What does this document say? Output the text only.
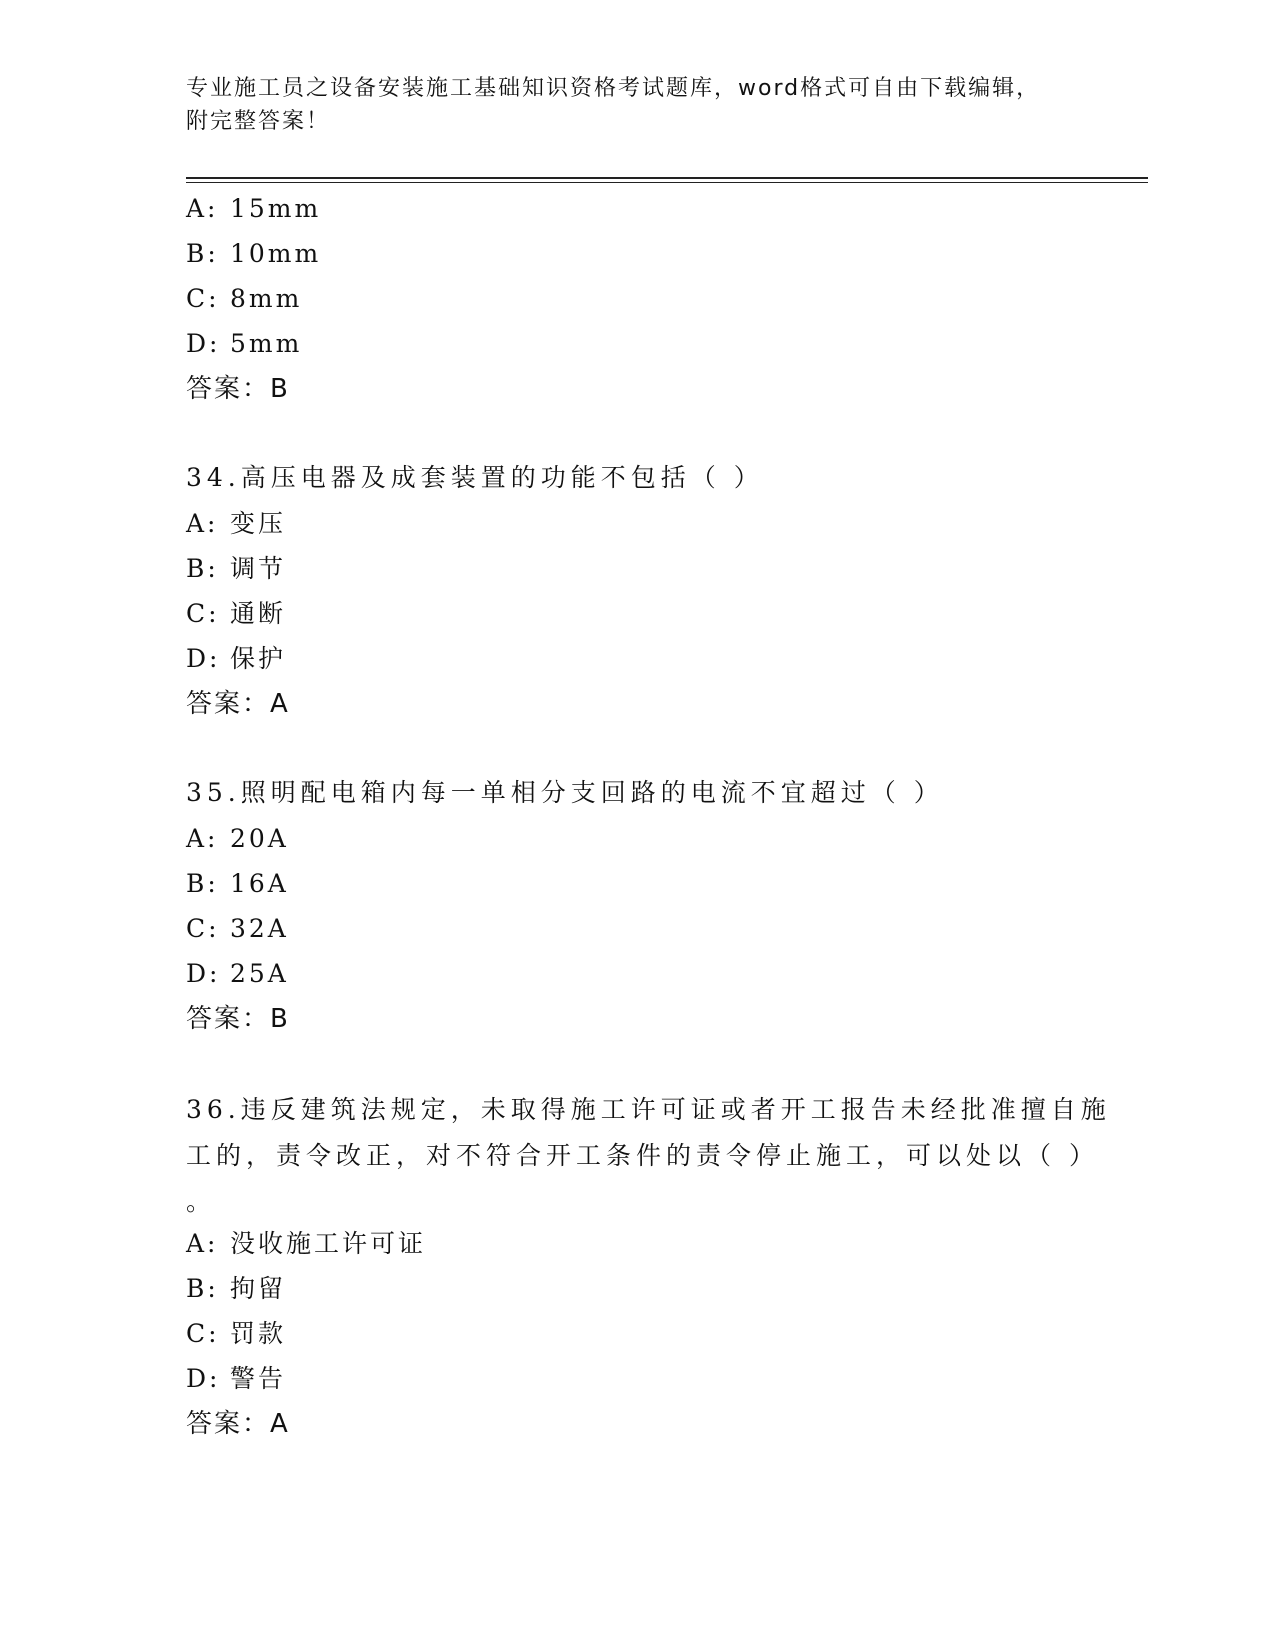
专业施工员之设备安装施工基础知识资格考试题库，word格式可自由下载编辑，
附完整答案！
A: 15mm
B: 10mm
C: 8mm
D: 5mm
答案：B
34.高压电器及成套装置的功能不包括（ ）
A: 变压
B: 调节
C: 通断
D: 保护
答案：A
35.照明配电箱内每一单相分支回路的电流不宜超过（ ）
A: 20A
B: 16A
C: 32A
D: 25A
答案：B
36.违反建筑法规定，未取得施工许可证或者开工报告未经批准擅自施
工的，责令改正，对不符合开工条件的责令停止施工，可以处以（ ）
。
A: 没收施工许可证
B: 拘留
C: 罚款
D: 警告
答案：A
